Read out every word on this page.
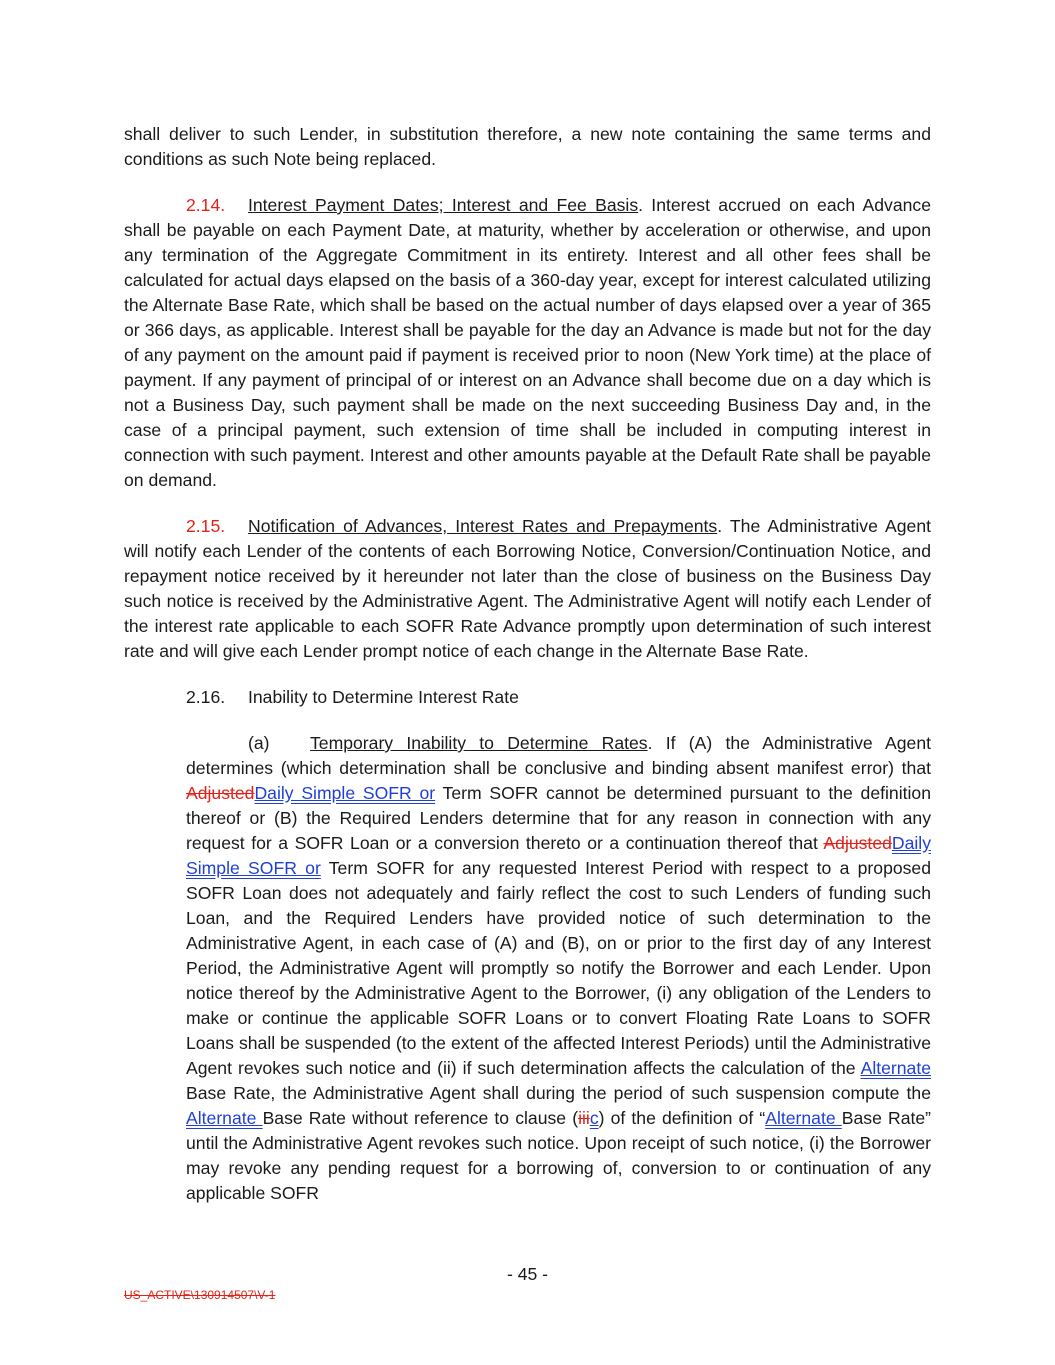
shall deliver to such Lender, in substitution therefore, a new note containing the same terms and conditions as such Note being replaced.

2.14. Interest Payment Dates; Interest and Fee Basis. Interest accrued on each Advance shall be payable on each Payment Date, at maturity, whether by acceleration or otherwise, and upon any termination of the Aggregate Commitment in its entirety. Interest and all other fees shall be calculated for actual days elapsed on the basis of a 360-day year, except for interest calculated utilizing the Alternate Base Rate, which shall be based on the actual number of days elapsed over a year of 365 or 366 days, as applicable. Interest shall be payable for the day an Advance is made but not for the day of any payment on the amount paid if payment is received prior to noon (New York time) at the place of payment. If any payment of principal of or interest on an Advance shall become due on a day which is not a Business Day, such payment shall be made on the next succeeding Business Day and, in the case of a principal payment, such extension of time shall be included in computing interest in connection with such payment. Interest and other amounts payable at the Default Rate shall be payable on demand.

2.15. Notification of Advances, Interest Rates and Prepayments. The Administrative Agent will notify each Lender of the contents of each Borrowing Notice, Conversion/Continuation Notice, and repayment notice received by it hereunder not later than the close of business on the Business Day such notice is received by the Administrative Agent. The Administrative Agent will notify each Lender of the interest rate applicable to each SOFR Rate Advance promptly upon determination of such interest rate and will give each Lender prompt notice of each change in the Alternate Base Rate.

2.16. Inability to Determine Interest Rate

(a) Temporary Inability to Determine Rates. If (A) the Administrative Agent determines (which determination shall be conclusive and binding absent manifest error) that AdjustedDaily Simple SOFR or Term SOFR cannot be determined pursuant to the definition thereof or (B) the Required Lenders determine that for any reason in connection with any request for a SOFR Loan or a conversion thereto or a continuation thereof that AdjustedDaily Simple SOFR or Term SOFR for any requested Interest Period with respect to a proposed SOFR Loan does not adequately and fairly reflect the cost to such Lenders of funding such Loan, and the Required Lenders have provided notice of such determination to the Administrative Agent, in each case of (A) and (B), on or prior to the first day of any Interest Period, the Administrative Agent will promptly so notify the Borrower and each Lender. Upon notice thereof by the Administrative Agent to the Borrower, (i) any obligation of the Lenders to make or continue the applicable SOFR Loans or to convert Floating Rate Loans to SOFR Loans shall be suspended (to the extent of the affected Interest Periods) until the Administrative Agent revokes such notice and (ii) if such determination affects the calculation of the Alternate Base Rate, the Administrative Agent shall during the period of such suspension compute the Alternate Base Rate without reference to clause (iiic) of the definition of “Alternate Base Rate” until the Administrative Agent revokes such notice. Upon receipt of such notice, (i) the Borrower may revoke any pending request for a borrowing of, conversion to or continuation of any applicable SOFR

- 45 -
US_ACTIVE\130914507\V-1
